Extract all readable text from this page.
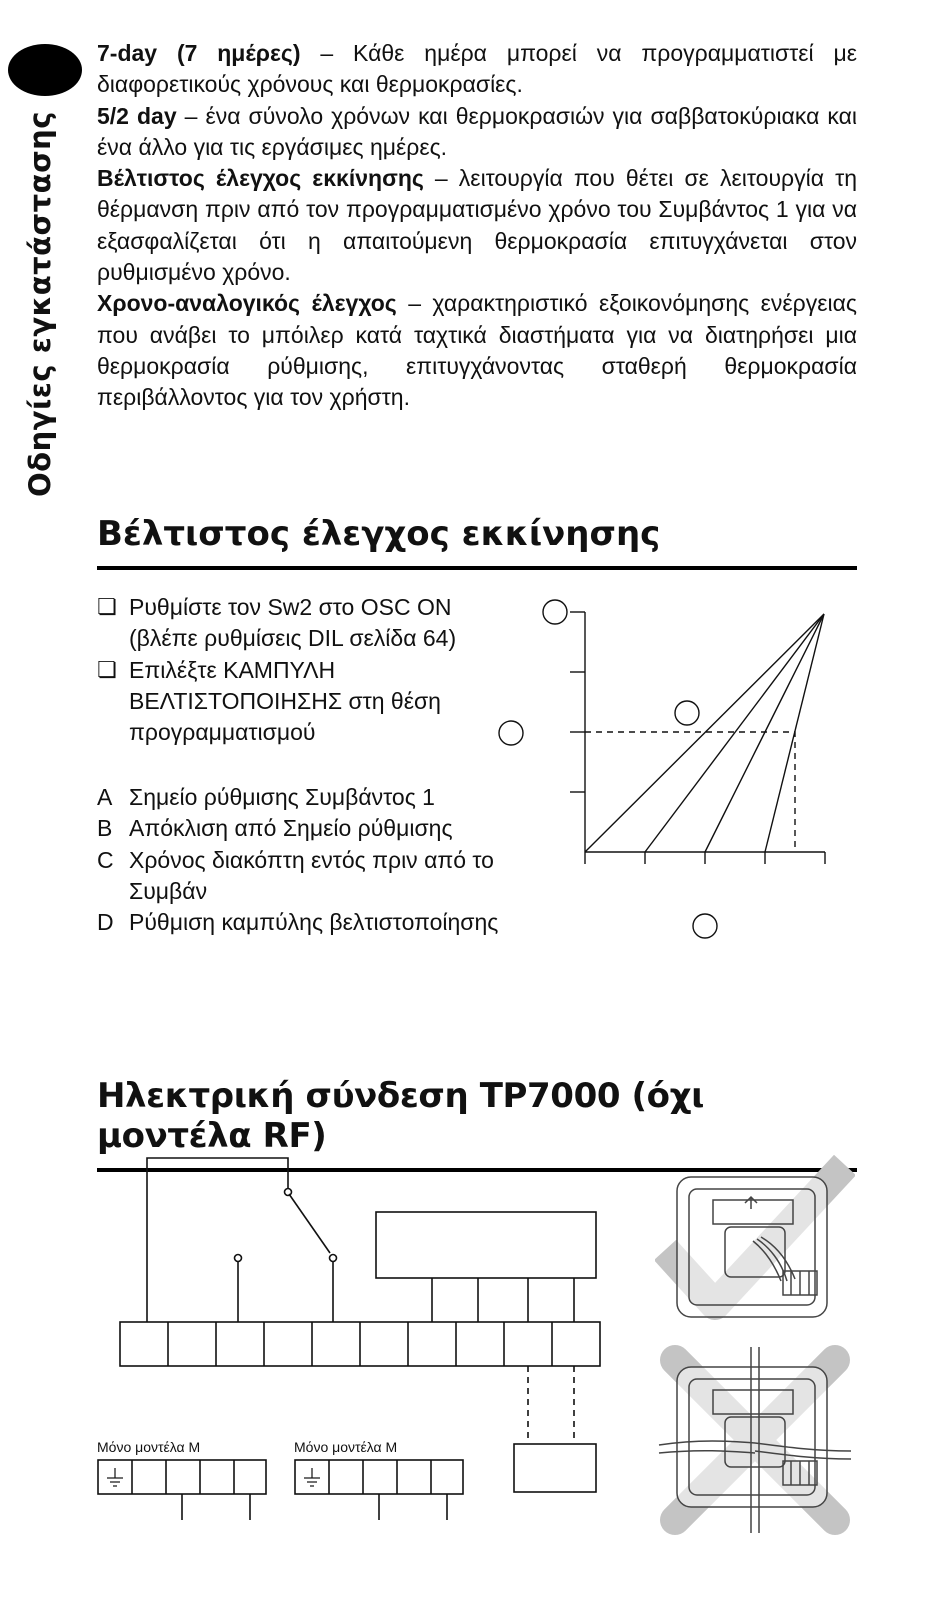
Οδηγίες εγκατάστασης

7-day (7 ημέρες) – Κάθε ημέρα μπορεί να προγραμματιστεί με διαφορετικούς χρόνους και θερμοκρασίες.

5/2 day – ένα σύνολο χρόνων και θερμοκρασιών για σαββατοκύριακα και ένα άλλο για τις εργάσιμες ημέρες.

Βέλτιστος έλεγχος εκκίνησης – λειτουργία που θέτει σε λειτουργία τη θέρμανση πριν από τον προγραμματισμένο χρόνο του Συμβάντος 1 για να εξασφαλίζεται ότι η απαιτούμενη θερμοκρασία επιτυγχάνεται στον ρυθμισμένο χρόνο.

Χρονο-αναλογικός έλεγχος – χαρακτηριστικό εξοικονόμησης ενέργειας που ανάβει το μπόιλερ κατά ταχτικά διαστήματα για να διατηρήσει μια θερμοκρασία ρύθμισης, επιτυγχάνοντας σταθερή θερμοκρασία περιβάλλοντος για τον χρήστη.

Βέλτιστος έλεγχος εκκίνησης
❏ Ρυθμίστε τον Sw2 στο OSC ON (βλέπε ρυθμίσεις DIL σελίδα 64)
❏ Επιλέξτε ΚΑΜΠΥΛΗ ΒΕΛΤΙΣΤΟΠΟΙΗΣΗΣ στη θέση προγραμματισμού
A Σημείο ρύθμισης Συμβάντος 1
B Απόκλιση από Σημείο ρύθμισης
C Χρόνος διακόπτη εντός πριν από το Συμβάν
D Ρύθμιση καμπύλης βελτιστοποίησης
Ηλεκτρική σύνδεση TP7000 (όχι μοντέλα RF)
Μόνο μοντέλα M	Μόνο μοντέλα M
